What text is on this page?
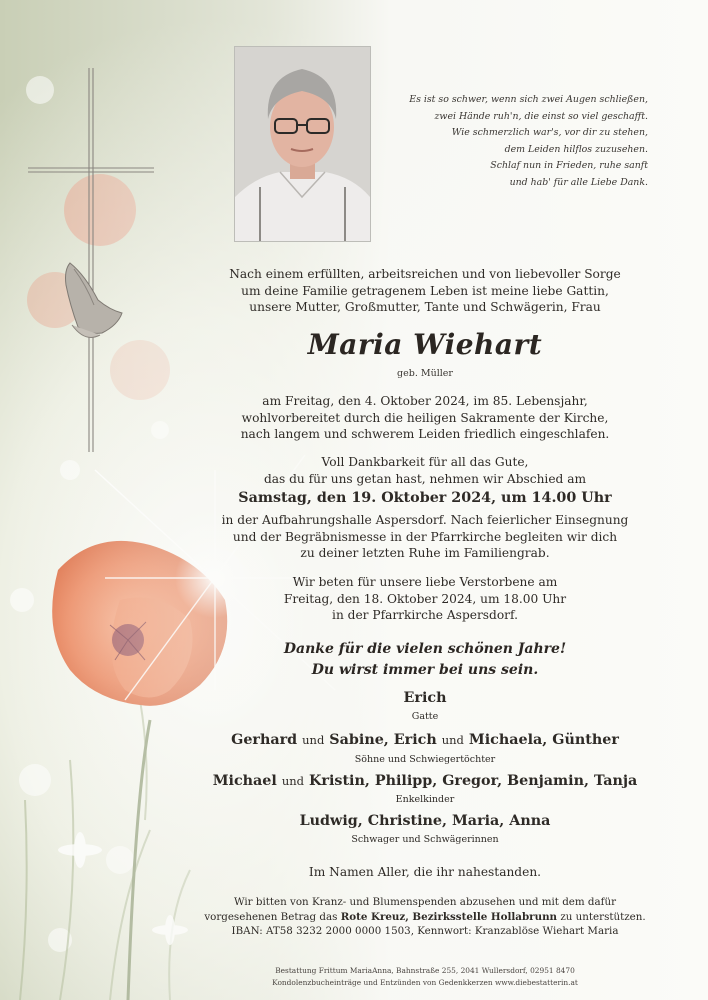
Es ist so schwer, wenn sich zwei Augen schließen,
zwei Hände ruh'n, die einst so viel geschafft.
Wie schmerzlich war's, vor dir zu stehen,
dem Leiden hilflos zuzusehen.
Schlaf nun in Frieden, ruhe sanft
und hab' für alle Liebe Dank.
Nach einem erfüllten, arbeitsreichen und von liebevoller Sorge
um deine Familie getragenem Leben ist meine liebe Gattin,
unsere Mutter, Großmutter, Tante und Schwägerin, Frau
Maria Wiehart
geb. Müller
am Freitag, den 4. Oktober 2024, im 85. Lebensjahr,
wohlvorbereitet durch die heiligen Sakramente der Kirche,
nach langem und schwerem Leiden friedlich eingeschlafen.
Voll Dankbarkeit für all das Gute,
das du für uns getan hast, nehmen wir Abschied am
Samstag, den 19. Oktober 2024, um 14.00 Uhr
in der Aufbahrungshalle Aspersdorf. Nach feierlicher Einsegnung
und der Begräbnismesse in der Pfarrkirche begleiten wir dich
zu deiner letzten Ruhe im Familiengrab.
Wir beten für unsere liebe Verstorbene am
Freitag, den 18. Oktober 2024, um 18.00 Uhr
in der Pfarrkirche Aspersdorf.
Danke für die vielen schönen Jahre!
Du wirst immer bei uns sein.
Erich
Gatte
Gerhard und Sabine, Erich und Michaela, Günther
Söhne und Schwiegertöchter
Michael und Kristin, Philipp, Gregor, Benjamin, Tanja
Enkelkinder
Ludwig, Christine, Maria, Anna
Schwager und Schwägerinnen
Im Namen Aller, die ihr nahestanden.
Wir bitten von Kranz- und Blumenspenden abzusehen und mit dem dafür
vorgesehenen Betrag das Rote Kreuz, Bezirksstelle Hollabrunn zu unterstützen.
IBAN: AT58 3232 2000 0000 1503, Kennwort: Kranzablöse Wiehart Maria
Bestattung Frittum MariaAnna, Bahnstraße 255, 2041 Wullersdorf, 02951 8470
Kondolenzbucheinträge und Entzünden von Gedenkkerzen www.diebestatterin.at
